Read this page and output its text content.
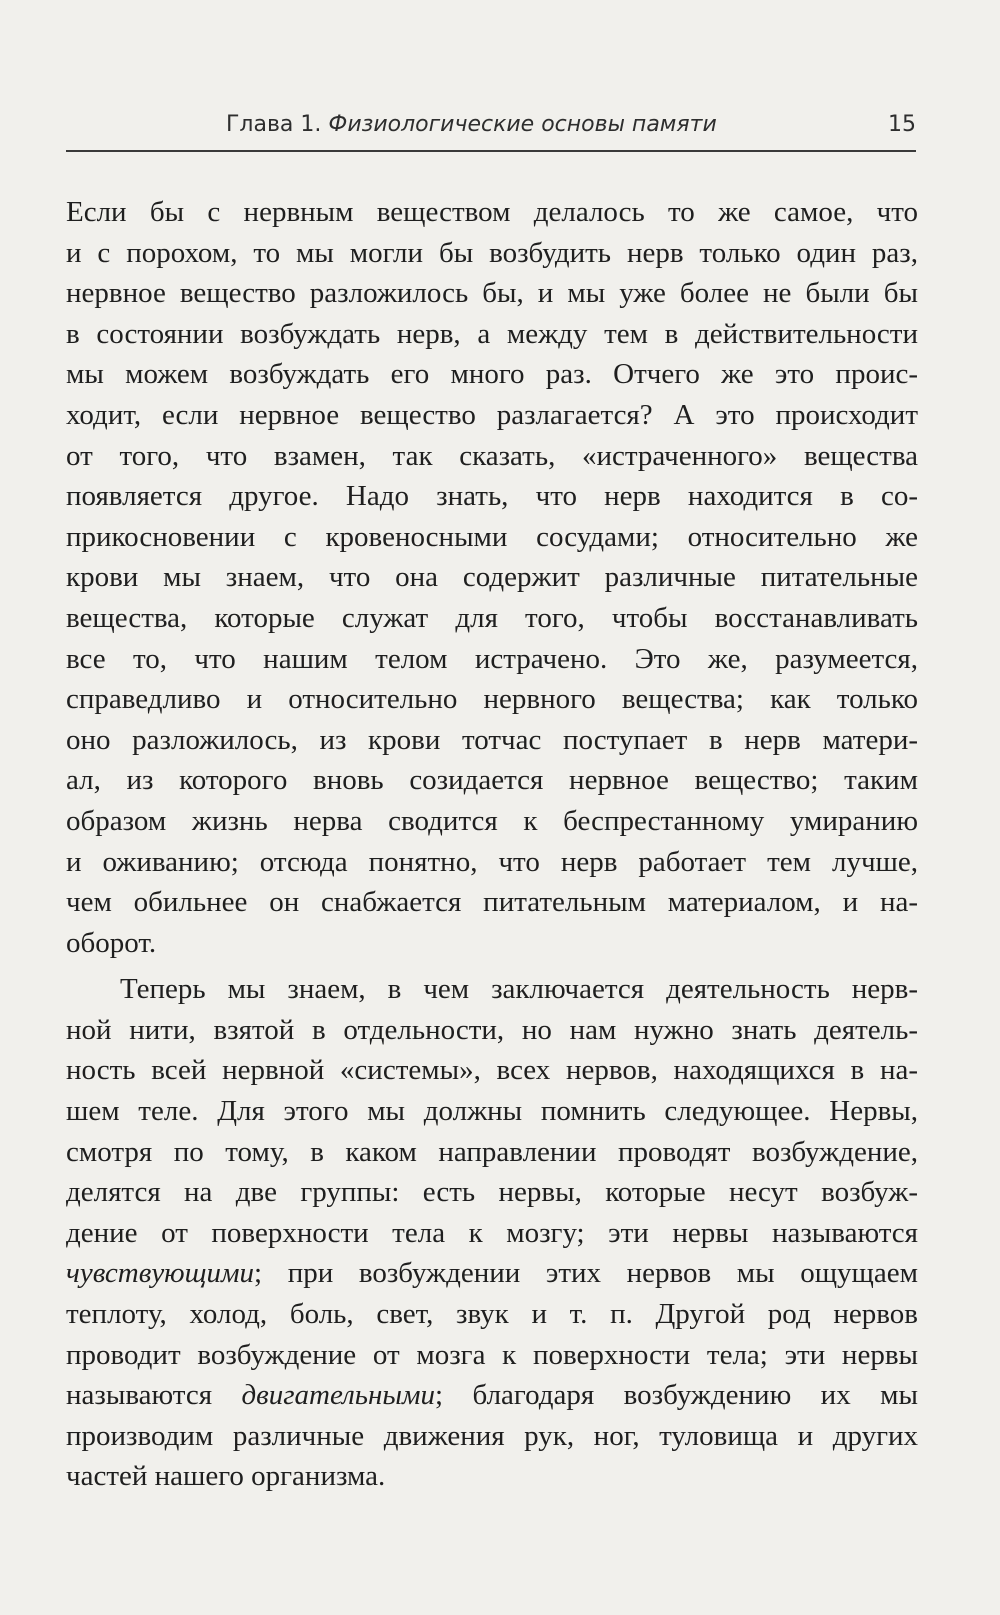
Глава 1. Физиологические основы памяти	15
Если бы с нервным веществом делалось то же самое, что
и с порохом, то мы могли бы возбудить нерв только один раз,
нервное вещество разложилось бы, и мы уже более не были бы
в состоянии возбуждать нерв, а между тем в действительности
мы можем возбуждать его много раз. Отчего же это проис-
ходит, если нервное вещество разлагается? А это происходит
от того, что взамен, так сказать, «истраченного» вещества
появляется другое. Надо знать, что нерв находится в со-
прикосновении с кровеносными сосудами; относительно же
крови мы знаем, что она содержит различные питательные
вещества, которые служат для того, чтобы восстанавливать
все то, что нашим телом истрачено. Это же, разумеется,
справедливо и относительно нервного вещества; как только
оно разложилось, из крови тотчас поступает в нерв матери-
ал, из которого вновь созидается нервное вещество; таким
образом жизнь нерва сводится к беспрестанному умиранию
и оживанию; отсюда понятно, что нерв работает тем лучше,
чем обильнее он снабжается питательным материалом, и на-
оборот.
Теперь мы знаем, в чем заключается деятельность нерв-
ной нити, взятой в отдельности, но нам нужно знать деятель-
ность всей нервной «системы», всех нервов, находящихся в на-
шем теле. Для этого мы должны помнить следующее. Нервы,
смотря по тому, в каком направлении проводят возбуждение,
делятся на две группы: есть нервы, которые несут возбуж-
дение от поверхности тела к мозгу; эти нервы называются
чувствующими; при возбуждении этих нервов мы ощущаем
теплоту, холод, боль, свет, звук и т. п. Другой род нервов
проводит возбуждение от мозга к поверхности тела; эти нервы
называются двигательными; благодаря возбуждению их мы
производим различные движения рук, ног, туловища и других
частей нашего организма.
